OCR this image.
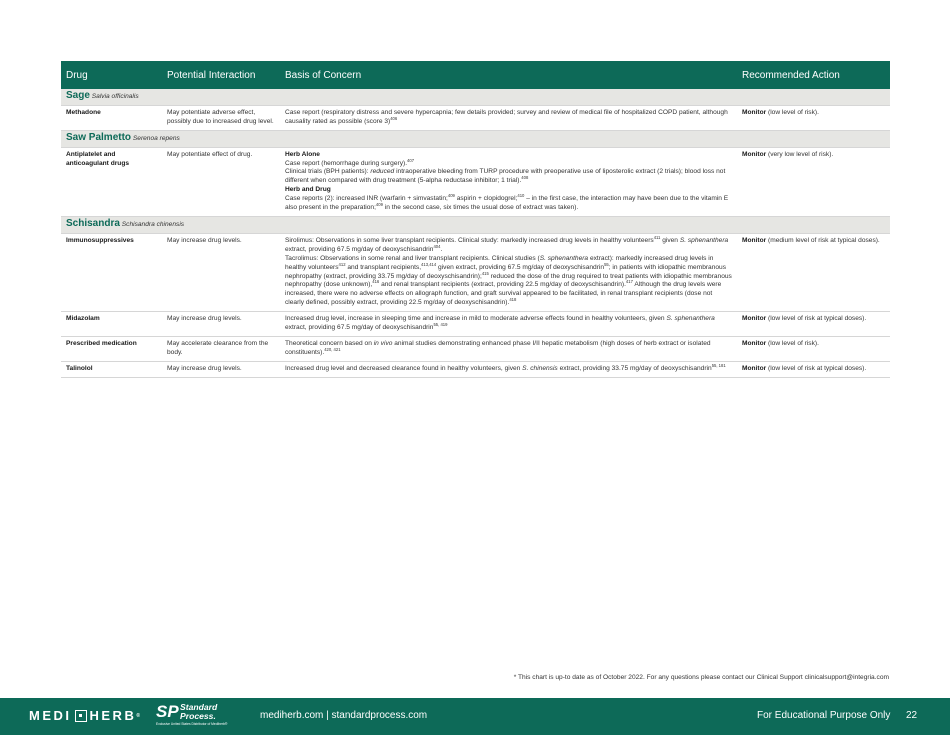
Drug	Potential Interaction	Basis of Concern	Recommended Action
Sage Salvia officinalis			
Methadone	May potentiate adverse effect, possibly due to increased drug level.	Case report (respiratory distress and severe hypercapnia; few details provided; survey and review of medical file of hospitalized COPD patient, although causality rated as possible (score 3)$^{406}$	Monitor (low level of risk).
Saw Palmetto Serenoa repens			
Antiplatelet and anticoagulant drugs	May potentiate effect of drug.	Herb Alone
Case report (hemorrhage during surgery).$^{407}$
Clinical trials (BPH patients): reduced intraoperative bleeding from TURP procedure with preoperative use of liposterolic extract (2 trials); blood loss not different when compared with drug treatment (5-alpha reductase inhibitor; 1 trial).$^{408}$
Herb and Drug
Case reports (2): increased INR (warfarin + simvastatin;$^{409}$ aspirin + clopidogrel;$^{410}$ – in the first case, the interaction may have been due to the vitamin E also present in the preparation;$^{409}$ in the second case, six times the usual dose of extract was taken).	Monitor (very low level of risk).
Schisandra Schisandra chinensis			
Immunosuppressives	May increase drug levels.	Sirolimus: Observations in some liver transplant recipients. Clinical study: markedly increased drug levels in healthy volunteers$^{411}$ given S. sphenanthera extract, providing 67.5 mg/day of deoxyschisandrin$^{404}$.
Tacrolimus: Observations in some renal and liver transplant recipients. Clinical studies (S. sphenanthera extract): markedly increased drug levels in healthy volunteers$^{412}$ and transplant recipients,$^{413,414}$ given extract, providing 67.5 mg/day of deoxyschisandrin$^{55}$; in patients with idiopathic membranous nephropathy (extract, providing 33.75 mg/day of deoxyschisandrin);$^{415}$ reduced the dose of the drug required to treat patients with idiopathic membranous nephropathy (dose unknown),$^{416}$ and renal transplant recipients (extract, providing 22.5 mg/day of deoxyschisandrin).$^{417}$ Although the drug levels were increased, there were no adverse effects on allograph function, and graft survival appeared to be facilitated, in renal transplant recipients (dose not clearly defined, possibly extract, providing 22.5 mg/day of deoxyschisandrin).$^{418}$	Monitor (medium level of risk at typical doses).
Midazolam	May increase drug levels.	Increased drug level, increase in sleeping time and increase in mild to moderate adverse effects found in healthy volunteers, given S. sphenanthera extract, providing 67.5 mg/day of deoxyschisandrin$^{55, 419}$	Monitor (low level of risk at typical doses).
Prescribed medication	May accelerate clearance from the body.	Theoretical concern based on in vivo animal studies demonstrating enhanced phase I/II hepatic metabolism (high doses of herb extract or isolated constituents).$^{420, 421}$	Monitor (low level of risk).
Talinolol	May increase drug levels.	Increased drug level and decreased clearance found in healthy volunteers, given S. chinensis extract, providing 33.75 mg/day of deoxyschisandrin$^{55, 181}$	Monitor (low level of risk at typical doses).
* This chart is up-to date as of October 2022. For any questions please contact our Clinical Support clinicalsupport@integria.com
MEDI HERB ® SP Standard
Process.
Exclusive United States Distributor of Mediherb®
mediherb.com | standardprocess.com	For Educational Purpose Only 22
